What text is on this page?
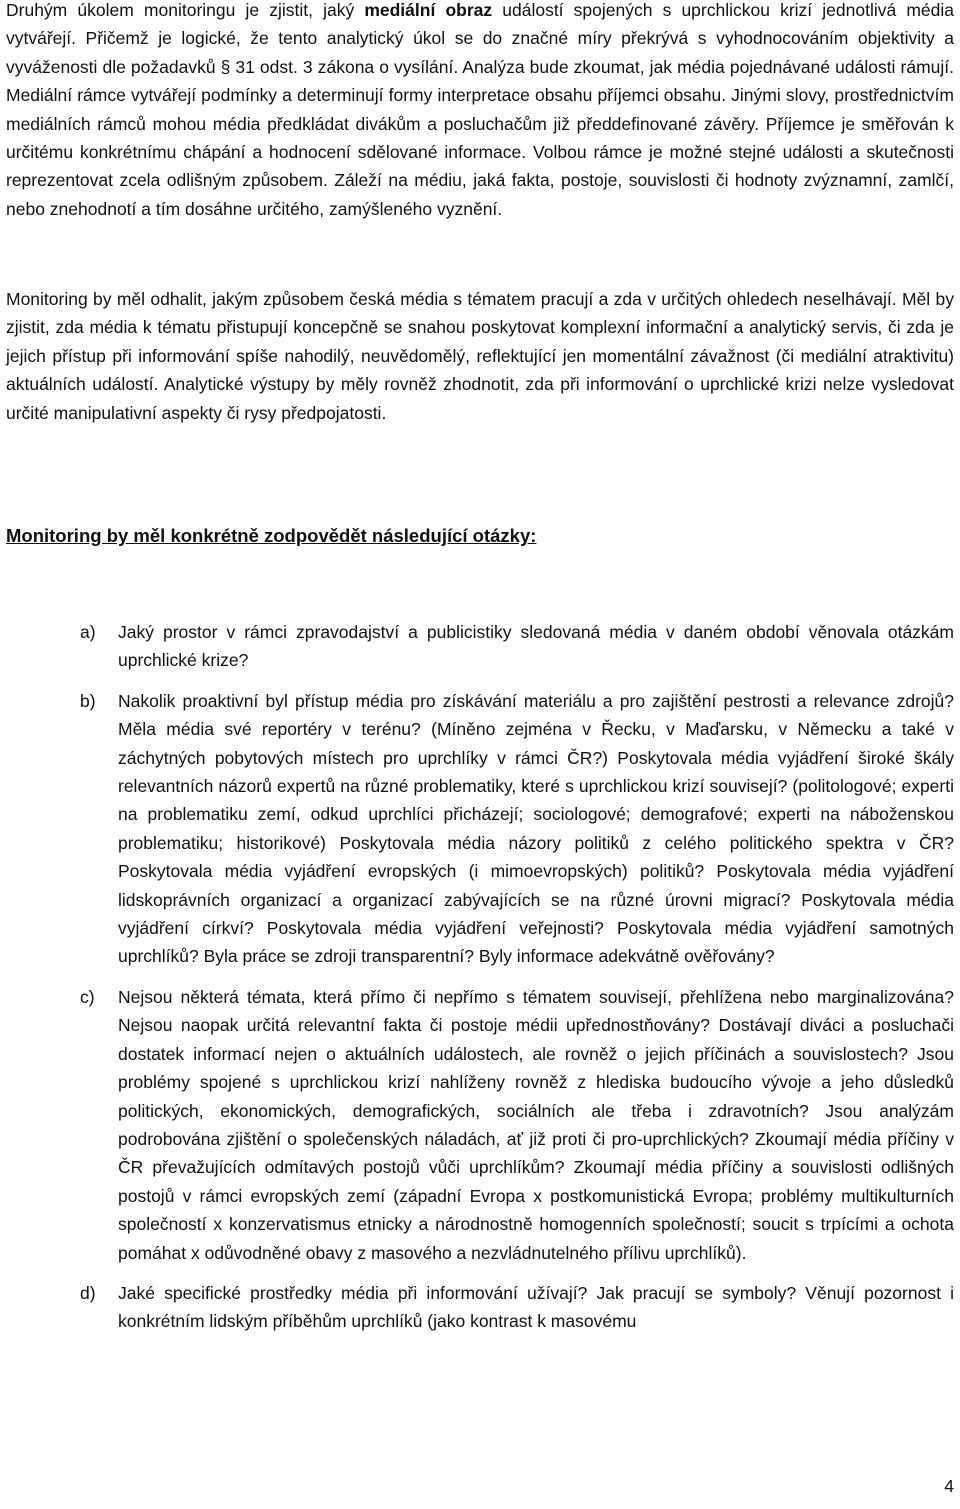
Druhým úkolem monitoringu je zjistit, jaký mediální obraz událostí spojených s uprchlickou krizí jednotlivá média vytvářejí. Přičemž je logické, že tento analytický úkol se do značné míry překrývá s vyhodnocováním objektivity a vyváženosti dle požadavků § 31 odst. 3 zákona o vysílání. Analýza bude zkoumat, jak média pojednávané události rámují. Mediální rámce vytvářejí podmínky a determinují formy interpretace obsahu příjemci obsahu. Jinými slovy, prostřednictvím mediálních rámců mohou média předkládat divákům a posluchačům již předdefinované závěry. Příjemce je směřován k určitému konkrétnímu chápání a hodnocení sdělované informace. Volbou rámce je možné stejné události a skutečnosti reprezentovat zcela odlišným způsobem. Záleží na médiu, jaká fakta, postoje, souvislosti či hodnoty zvýznamní, zamlčí, nebo znehodnotí a tím dosáhne určitého, zamýšleného vyznění.

Monitoring by měl odhalit, jakým způsobem česká média s tématem pracují a zda v určitých ohledech neselhávají. Měl by zjistit, zda média k tématu přistupují koncepčně se snahou poskytovat komplexní informační a analytický servis, či zda je jejich přístup při informování spíše nahodilý, neuvědomělý, reflektující jen momentální závažnost (či mediální atraktivitu) aktuálních událostí. Analytické výstupy by měly rovněž zhodnotit, zda při informování o uprchlické krizi nelze vysledovat určité manipulativní aspekty či rysy předpojatosti.

Monitoring by měl konkrétně zodpovědět následující otázky:

a) Jaký prostor v rámci zpravodajství a publicistiky sledovaná média v daném období věnovala otázkám uprchlické krize?

b) Nakolik proaktivní byl přístup média pro získávání materiálu a pro zajištění pestrosti a relevance zdrojů? Měla média své reportéry v terénu? (Míněno zejména v Řecku, v Maďarsku, v Německu a také v záchytných pobytových místech pro uprchlíky v rámci ČR?) Poskytovala média vyjádření široké škály relevantních názorů expertů na různé problematiky, které s uprchlickou krizí souvisejí? (politologové; experti na problematiku zemí, odkud uprchlíci přicházejí; sociologové; demografové; experti na náboženskou problematiku; historikové) Poskytovala média názory politiků z celého politického spektra v ČR? Poskytovala média vyjádření evropských (i mimoevropských) politiků? Poskytovala média vyjádření lidskoprávních organizací a organizací zabývajících se na různé úrovni migrací? Poskytovala média vyjádření církví? Poskytovala média vyjádření veřejnosti? Poskytovala média vyjádření samotných uprchlíků? Byla práce se zdroji transparentní? Byly informace adekvátně ověřovány?

c) Nejsou některá témata, která přímo či nepřímo s tématem souvisejí, přehlížena nebo marginalizována? Nejsou naopak určitá relevantní fakta či postoje médii upřednostňovány? Dostávají diváci a posluchači dostatek informací nejen o aktuálních událostech, ale rovněž o jejich příčinách a souvislostech? Jsou problémy spojené s uprchlickou krizí nahlíženy rovněž z hlediska budoucího vývoje a jeho důsledků politických, ekonomických, demografických, sociálních ale třeba i zdravotních? Jsou analýzám podrobována zjištění o společenských náladách, ať již proti či pro-uprchlických? Zkoumají média příčiny v ČR převažujících odmítavých postojů vůči uprchlíkům? Zkoumají média příčiny a souvislosti odlišných postojů v rámci evropských zemí (západní Evropa x postkomunistická Evropa; problémy multikulturních společností x konzervatismus etnicky a národnostně homogenních společností; soucit s trpícími a ochota pomáhat x odůvodněné obavy z masového a nezvládnutelného přílivu uprchlíků).

d) Jaké specifické prostředky média při informování užívají? Jak pracují se symboly? Věnují pozornost i konkrétním lidským příběhům uprchlíků (jako kontrast k masovému

4
